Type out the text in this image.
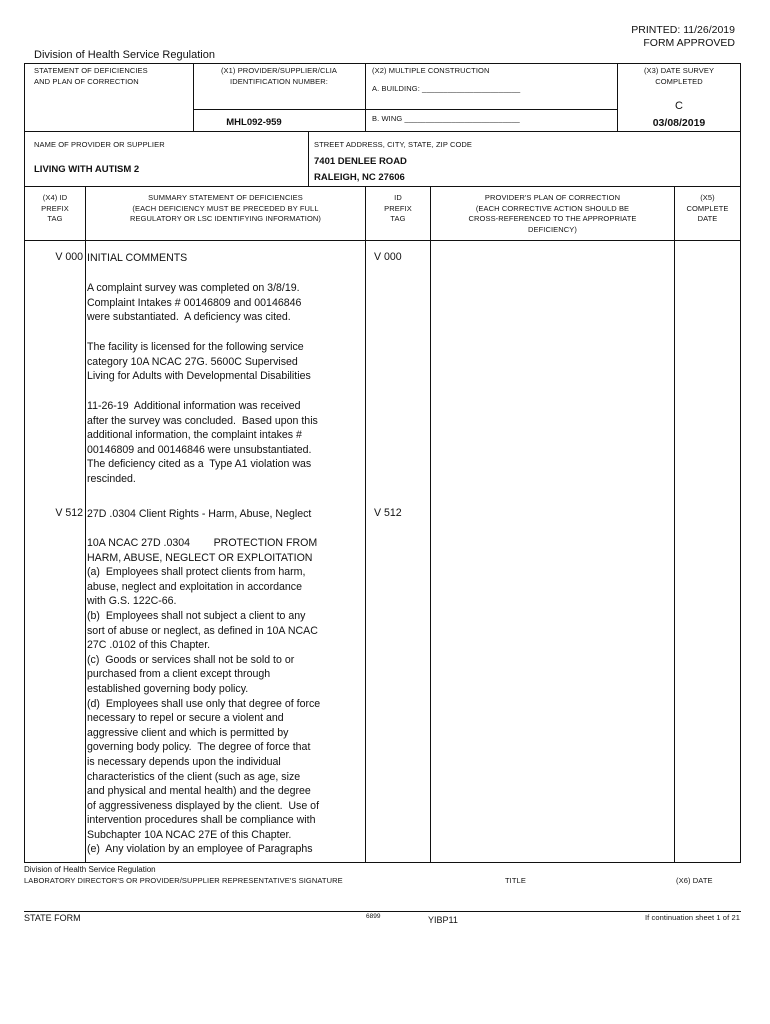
PRINTED: 11/26/2019
FORM APPROVED
Division of Health Service Regulation
STATEMENT OF DEFICIENCIES
AND PLAN OF CORRECTION
(X1) PROVIDER/SUPPLIER/CLIA
IDENTIFICATION NUMBER:
MHL092-959
(X2) MULTIPLE CONSTRUCTION
A. BUILDING: _______________________
B. WING ___________________________
(X3) DATE SURVEY
COMPLETED
C
03/08/2019
NAME OF PROVIDER OR SUPPLIER
LIVING WITH AUTISM 2
STREET ADDRESS, CITY, STATE, ZIP CODE
7401 DENLEE ROAD
RALEIGH, NC 27606
(X4) ID
PREFIX
TAG
SUMMARY STATEMENT OF DEFICIENCIES
(EACH DEFICIENCY MUST BE PRECEDED BY FULL
REGULATORY OR LSC IDENTIFYING INFORMATION)
ID
PREFIX
TAG
PROVIDER'S PLAN OF CORRECTION
(EACH CORRECTIVE ACTION SHOULD BE
CROSS-REFERENCED TO THE APPROPRIATE
DEFICIENCY)
(X5)
COMPLETE
DATE
V 000	V 000
INITIAL COMMENTS
A complaint survey was completed on 3/8/19.
Complaint Intakes # 00146809 and 00146846
were substantiated.  A deficiency was cited.
The facility is licensed for the following service
category 10A NCAC 27G. 5600C Supervised
Living for Adults with Developmental Disabilities
11-26-19  Additional information was received
after the survey was concluded.  Based upon this
additional information, the complaint intakes #
00146809 and 00146846 were unsubstantiated.
The deficiency cited as a  Type A1 violation was
rescinded.
V 512	V 512
27D .0304 Client Rights - Harm, Abuse, Neglect
10A NCAC 27D .0304        PROTECTION FROM
HARM, ABUSE, NEGLECT OR EXPLOITATION
(a)  Employees shall protect clients from harm,
abuse, neglect and exploitation in accordance
with G.S. 122C-66.
(b)  Employees shall not subject a client to any
sort of abuse or neglect, as defined in 10A NCAC
27C .0102 of this Chapter.
(c)  Goods or services shall not be sold to or
purchased from a client except through
established governing body policy.
(d)  Employees shall use only that degree of force
necessary to repel or secure a violent and
aggressive client and which is permitted by
governing body policy.  The degree of force that
is necessary depends upon the individual
characteristics of the client (such as age, size
and physical and mental health) and the degree
of aggressiveness displayed by the client.  Use of
intervention procedures shall be compliance with
Subchapter 10A NCAC 27E of this Chapter.
(e)  Any violation by an employee of Paragraphs
Division of Health Service Regulation
LABORATORY DIRECTOR'S OR PROVIDER/SUPPLIER REPRESENTATIVE'S SIGNATURE	TITLE	(X6) DATE
STATE FORM	6899	YIBP11	If continuation sheet 1 of 21
